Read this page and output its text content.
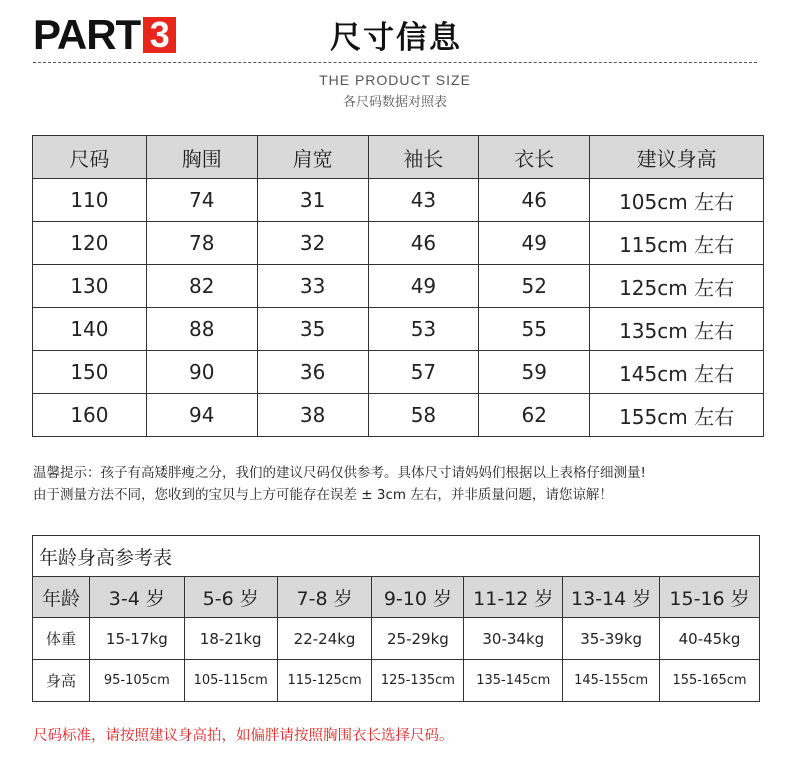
PART 3	尺寸信息
THE PRODUCT SIZE
各尺码数据对照表
尺码	胸围	肩宽	袖长	衣长	建议身高
110	74	31	43	46	105cm 左右
120	78	32	46	49	115cm 左右
130	82	33	49	52	125cm 左右
140	88	35	53	55	135cm 左右
150	90	36	57	59	145cm 左右
160	94	38	58	62	155cm 左右
温馨提示：孩子有高矮胖瘦之分，我们的建议尺码仅供参考。具体尺寸请妈妈们根据以上表格仔细测量!
由于测量方法不同，您收到的宝贝与上方可能存在误差 ± 3cm 左右，并非质量问题，请您谅解！
年龄身高参考表							
年龄	3-4 岁	5-6 岁	7-8 岁	9-10 岁	11-12 岁	13-14 岁	15-16 岁
体重	15-17kg	18-21kg	22-24kg	25-29kg	30-34kg	35-39kg	40-45kg
身高	95-105cm	105-115cm	115-125cm	125-135cm	135-145cm	145-155cm	155-165cm
尺码标准，请按照建议身高拍，如偏胖请按照胸围衣长选择尺码。
